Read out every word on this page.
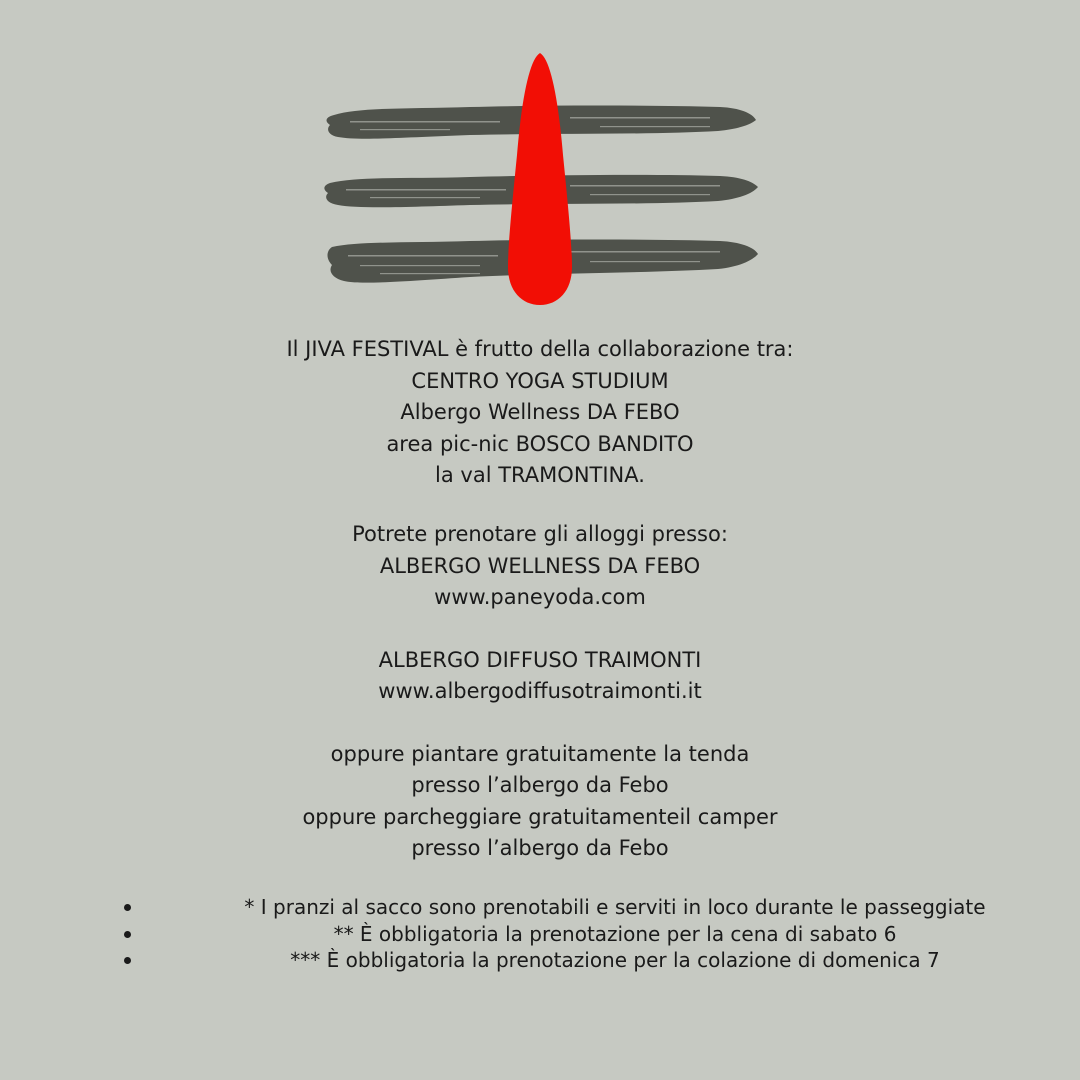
Il JIVA FESTIVAL è frutto della collaborazione tra:
CENTRO YOGA STUDIUM
Albergo Wellness DA FEBO
area pic-nic BOSCO BANDITO
la val TRAMONTINA.
Potrete prenotare gli alloggi presso:
ALBERGO WELLNESS DA FEBO
www.paneyoda.com
ALBERGO DIFFUSO TRAIMONTI
www.albergodiffusotraimonti.it
oppure piantare gratuitamente la tenda
presso l’albergo da Febo
oppure parcheggiare gratuitamenteil camper
presso l’albergo da Febo
* I pranzi al sacco sono prenotabili e serviti in loco durante le passeggiate
** È obbligatoria la prenotazione per la cena di sabato 6
*** È obbligatoria la prenotazione per la colazione di domenica 7
